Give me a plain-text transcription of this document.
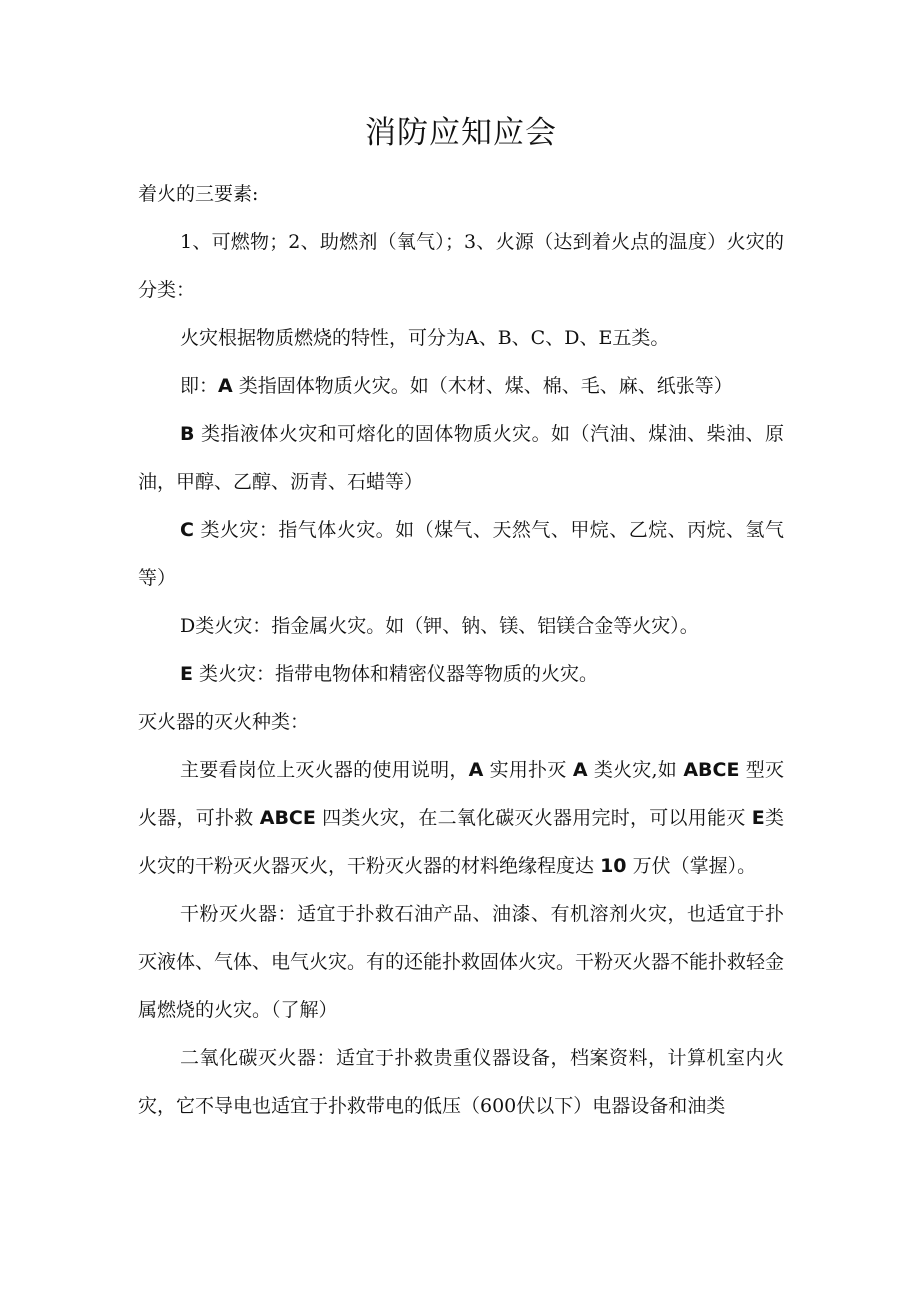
消防应知应会

着火的三要素:

1、可燃物；2、助燃剂（氧气）；3、火源（达到着火点的温度）火灾的分类：

火灾根据物质燃烧的特性，可分为A、B、C、D、E五类。

即：A 类指固体物质火灾。如（木材、煤、棉、毛、麻、纸张等）

B 类指液体火灾和可熔化的固体物质火灾。如（汽油、煤油、柴油、原油，甲醇、乙醇、沥青、石蜡等）

C 类火灾：指气体火灾。如（煤气、天然气、甲烷、乙烷、丙烷、氢气等）

D类火灾：指金属火灾。如（钾、钠、镁、铝镁合金等火灾）。

E 类火灾：指带电物体和精密仪器等物质的火灾。

灭火器的灭火种类：

主要看岗位上灭火器的使用说明，A 实用扑灭 A 类火灾,如 ABCE 型灭火器，可扑救 ABCE 四类火灾，在二氧化碳灭火器用完时，可以用能灭 E类火灾的干粉灭火器灭火，干粉灭火器的材料绝缘程度达 10 万伏（掌握）。

干粉灭火器：适宜于扑救石油产品、油漆、有机溶剂火灾，也适宜于扑灭液体、气体、电气火灾。有的还能扑救固体火灾。干粉灭火器不能扑救轻金属燃烧的火灾。（了解）

二氧化碳灭火器：适宜于扑救贵重仪器设备，档案资料，计算机室内火灾，它不导电也适宜于扑救带电的低压（600伏以下）电器设备和油类
